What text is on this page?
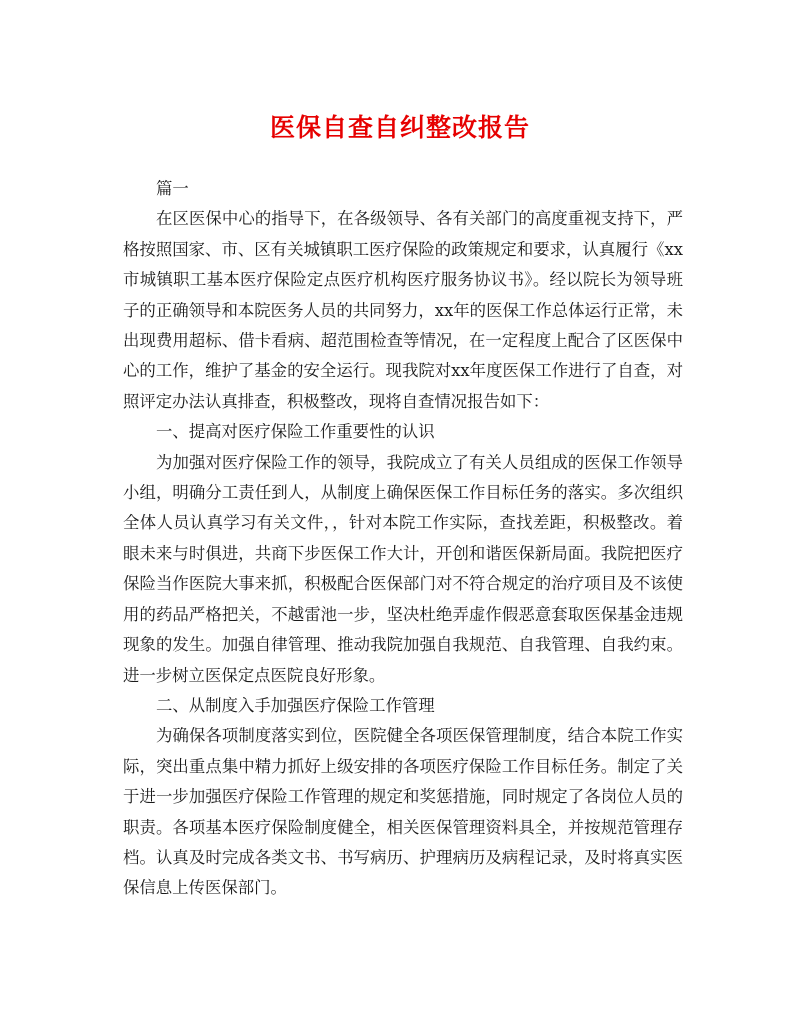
医保自查自纠整改报告

篇一

在区医保中心的指导下，在各级领导、各有关部门的高度重视支持下，严格按照国家、市、区有关城镇职工医疗保险的政策规定和要求，认真履行《xx市城镇职工基本医疗保险定点医疗机构医疗服务协议书》。经以院长为领导班子的正确领导和本院医务人员的共同努力，xx年的医保工作总体运行正常，未出现费用超标、借卡看病、超范围检查等情况，在一定程度上配合了区医保中心的工作，维护了基金的安全运行。现我院对xx年度医保工作进行了自查，对照评定办法认真排查，积极整改，现将自查情况报告如下：

一、提高对医疗保险工作重要性的认识

为加强对医疗保险工作的领导，我院成立了有关人员组成的医保工作领导小组，明确分工责任到人，从制度上确保医保工作目标任务的落实。多次组织全体人员认真学习有关文件，，针对本院工作实际，查找差距，积极整改。着眼未来与时俱进，共商下步医保工作大计，开创和谐医保新局面。我院把医疗保险当作医院大事来抓，积极配合医保部门对不符合规定的治疗项目及不该使用的药品严格把关，不越雷池一步，坚决杜绝弄虚作假恶意套取医保基金违规现象的发生。加强自律管理、推动我院加强自我规范、自我管理、自我约束。进一步树立医保定点医院良好形象。

二、从制度入手加强医疗保险工作管理

为确保各项制度落实到位，医院健全各项医保管理制度，结合本院工作实际，突出重点集中精力抓好上级安排的各项医疗保险工作目标任务。制定了关于进一步加强医疗保险工作管理的规定和奖惩措施，同时规定了各岗位人员的职责。各项基本医疗保险制度健全，相关医保管理资料具全，并按规范管理存档。认真及时完成各类文书、书写病历、护理病历及病程记录，及时将真实医保信息上传医保部门。
